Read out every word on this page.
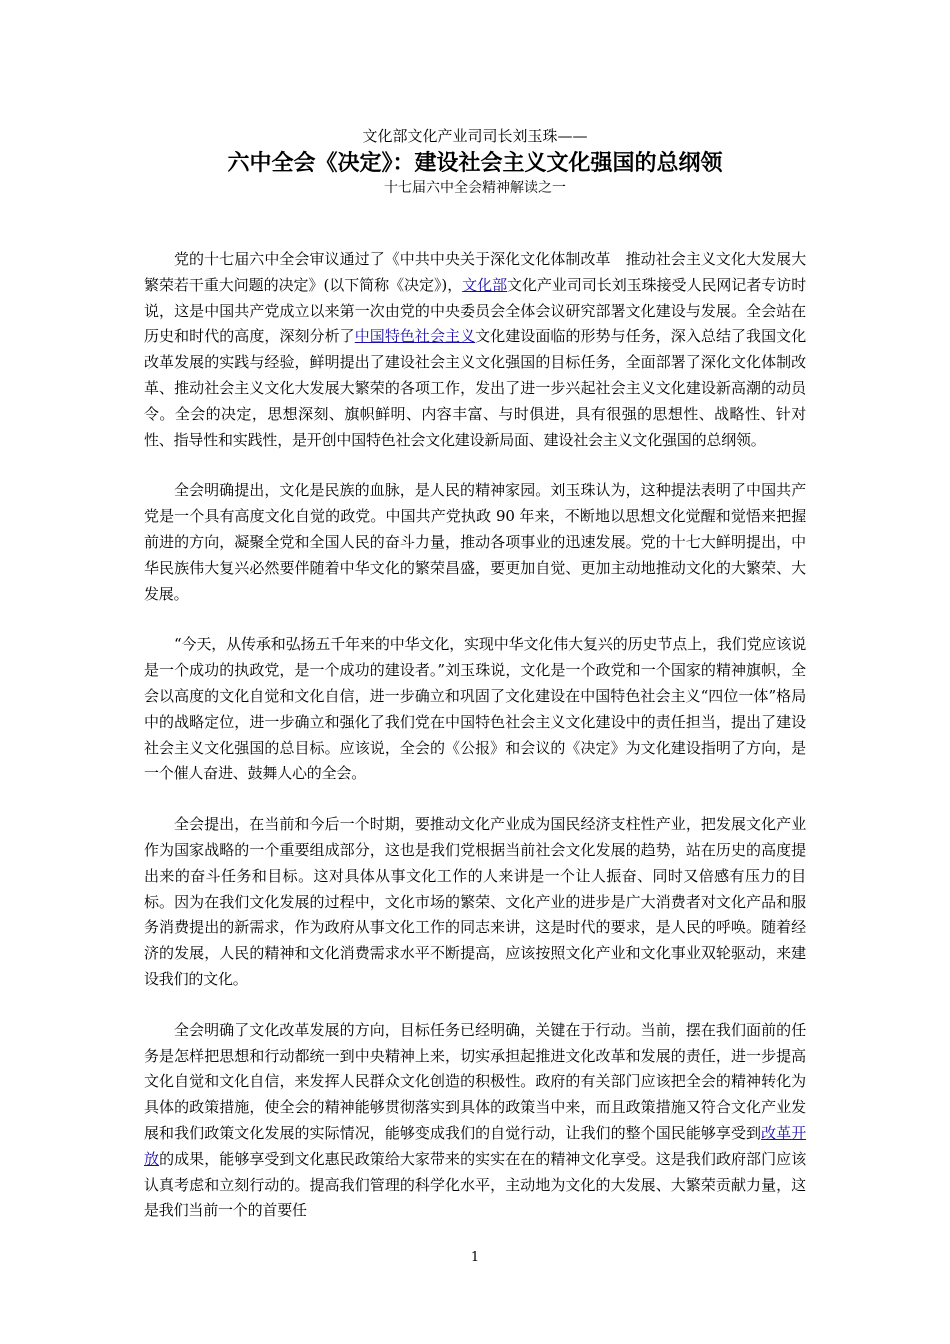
文化部文化产业司司长刘玉珠——
六中全会《决定》：建设社会主义文化强国的总纲领
十七届六中全会精神解读之一

党的十七届六中全会审议通过了《中共中央关于深化文化体制改革　推动社会主义文化大发展大繁荣若干重大问题的决定》(以下简称《决定》)，文化部文化产业司司长刘玉珠接受人民网记者专访时说，这是中国共产党成立以来第一次由党的中央委员会全体会议研究部署文化建设与发展。全会站在历史和时代的高度，深刻分析了中国特色社会主义文化建设面临的形势与任务，深入总结了我国文化改革发展的实践与经验，鲜明提出了建设社会主义文化强国的目标任务，全面部署了深化文化体制改革、推动社会主义文化大发展大繁荣的各项工作，发出了进一步兴起社会主义文化建设新高潮的动员令。全会的决定，思想深刻、旗帜鲜明、内容丰富、与时俱进，具有很强的思想性、战略性、针对性、指导性和实践性，是开创中国特色社会文化建设新局面、建设社会主义文化强国的总纲领。

全会明确提出，文化是民族的血脉，是人民的精神家园。刘玉珠认为，这种提法表明了中国共产党是一个具有高度文化自觉的政党。中国共产党执政 90 年来，不断地以思想文化觉醒和觉悟来把握前进的方向，凝聚全党和全国人民的奋斗力量，推动各项事业的迅速发展。党的十七大鲜明提出，中华民族伟大复兴必然要伴随着中华文化的繁荣昌盛，要更加自觉、更加主动地推动文化的大繁荣、大发展。

“今天，从传承和弘扬五千年来的中华文化，实现中华文化伟大复兴的历史节点上，我们党应该说是一个成功的执政党，是一个成功的建设者。”刘玉珠说，文化是一个政党和一个国家的精神旗帜，全会以高度的文化自觉和文化自信，进一步确立和巩固了文化建设在中国特色社会主义“四位一体”格局中的战略定位，进一步确立和强化了我们党在中国特色社会主义文化建设中的责任担当，提出了建设社会主义文化强国的总目标。应该说，全会的《公报》和会议的《决定》为文化建设指明了方向，是一个催人奋进、鼓舞人心的全会。

全会提出，在当前和今后一个时期，要推动文化产业成为国民经济支柱性产业，把发展文化产业作为国家战略的一个重要组成部分，这也是我们党根据当前社会文化发展的趋势，站在历史的高度提出来的奋斗任务和目标。这对具体从事文化工作的人来讲是一个让人振奋、同时又倍感有压力的目标。因为在我们文化发展的过程中，文化市场的繁荣、文化产业的进步是广大消费者对文化产品和服务消费提出的新需求，作为政府从事文化工作的同志来讲，这是时代的要求，是人民的呼唤。随着经济的发展，人民的精神和文化消费需求水平不断提高，应该按照文化产业和文化事业双轮驱动，来建设我们的文化。

全会明确了文化改革发展的方向，目标任务已经明确，关键在于行动。当前，摆在我们面前的任务是怎样把思想和行动都统一到中央精神上来，切实承担起推进文化改革和发展的责任，进一步提高文化自觉和文化自信，来发挥人民群众文化创造的积极性。政府的有关部门应该把全会的精神转化为具体的政策措施，使全会的精神能够贯彻落实到具体的政策当中来，而且政策措施又符合文化产业发展和我们政策文化发展的实际情况，能够变成我们的自觉行动，让我们的整个国民能够享受到改革开放的成果，能够享受到文化惠民政策给大家带来的实实在在的精神文化享受。这是我们政府部门应该认真考虑和立刻行动的。提高我们管理的科学化水平，主动地为文化的大发展、大繁荣贡献力量，这是我们当前一个的首要任

1
